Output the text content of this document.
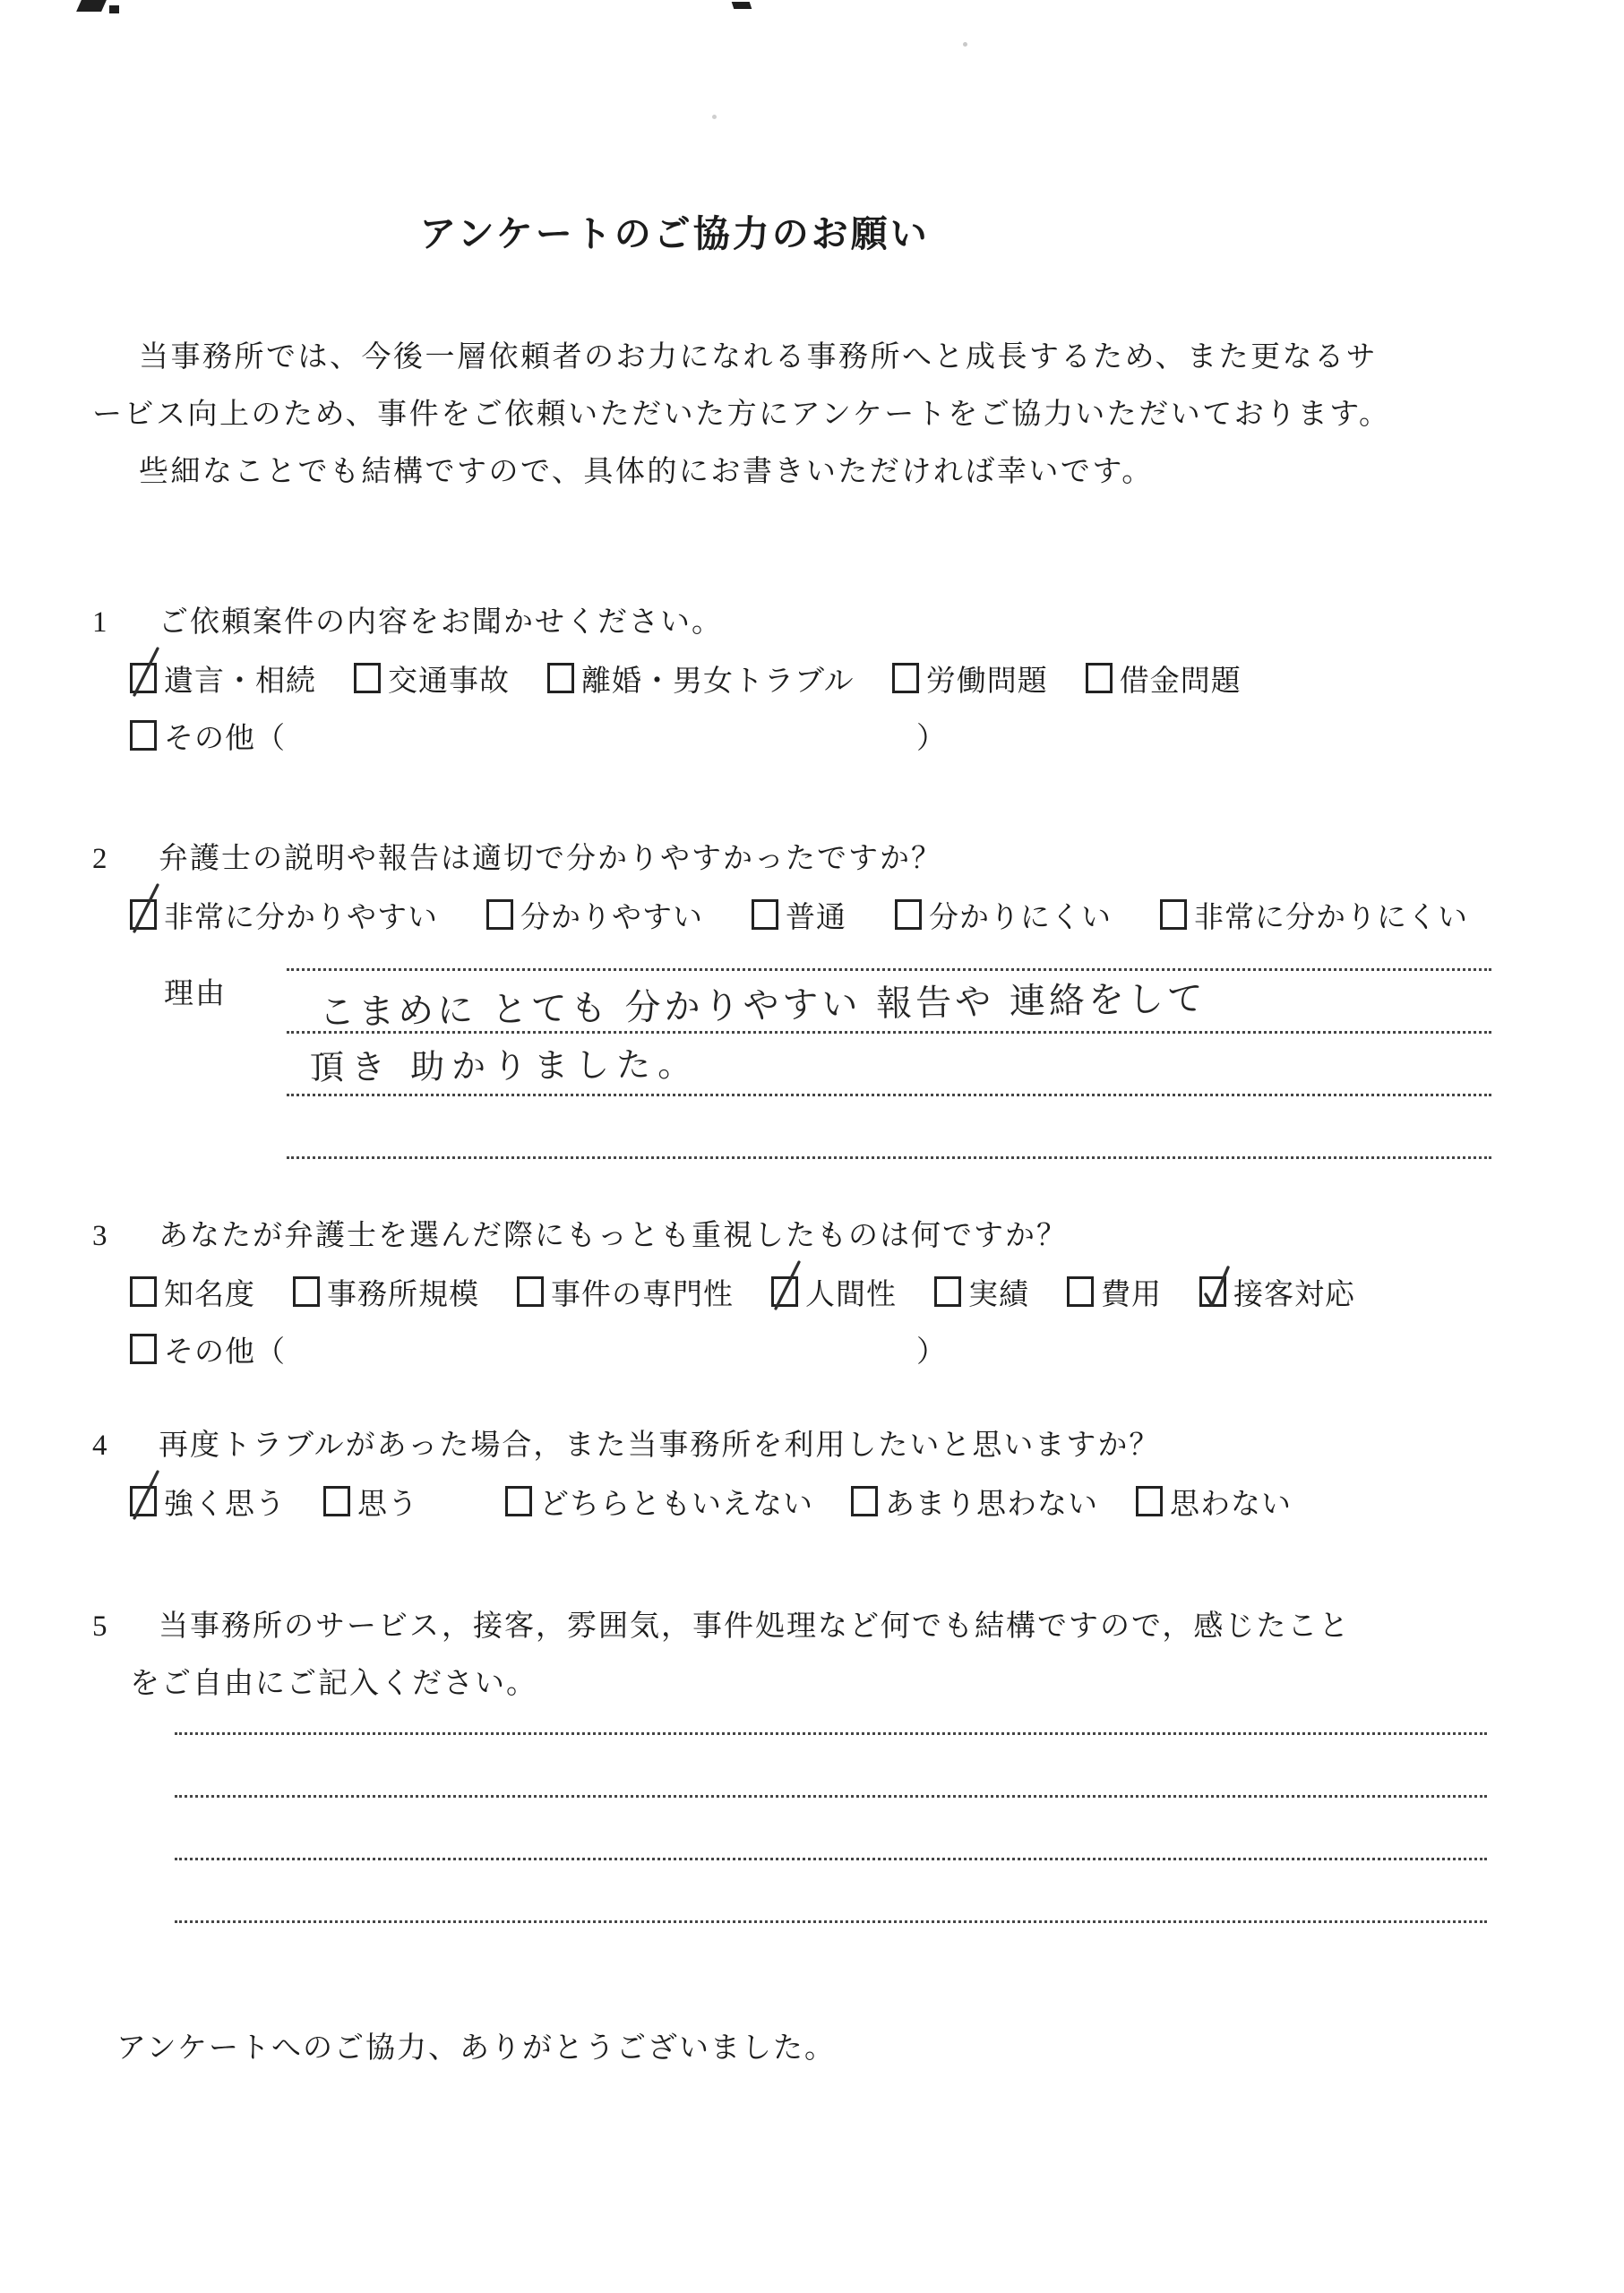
アンケートのご協力のお願い
当事務所では、今後一層依頼者のお力になれる事務所へと成長するため、また更なるサ
ービス向上のため、事件をご依頼いただいた方にアンケートをご協力いただいております。
些細なことでも結構ですので、具体的にお書きいただければ幸いです。
1	ご依頼案件の内容をお聞かせください。
遺言・相続 交通事故 離婚・男女トラブル 労働問題 借金問題
その他（	）
2	弁護士の説明や報告は適切で分かりやすかったですか？
非常に分かりやすい	分かりやすい	普通	分かりにくい	非常に分かりにくい
理由	こまめに とても 分かりやすい 報告や 連絡をして
頂き 助かりました。
3	あなたが弁護士を選んだ際にもっとも重視したものは何ですか？
知名度 事務所規模 事件の専門性 人間性 実績 費用 接客対応
その他（	）
4	再度トラブルがあった場合，また当事務所を利用したいと思いますか？
強く思う 思う	どちらともいえない あまり思わない 思わない
5	当事務所のサービス，接客，雰囲気，事件処理など何でも結構ですので，感じたこと
をご自由にご記入ください。
アンケートへのご協力、ありがとうございました。
